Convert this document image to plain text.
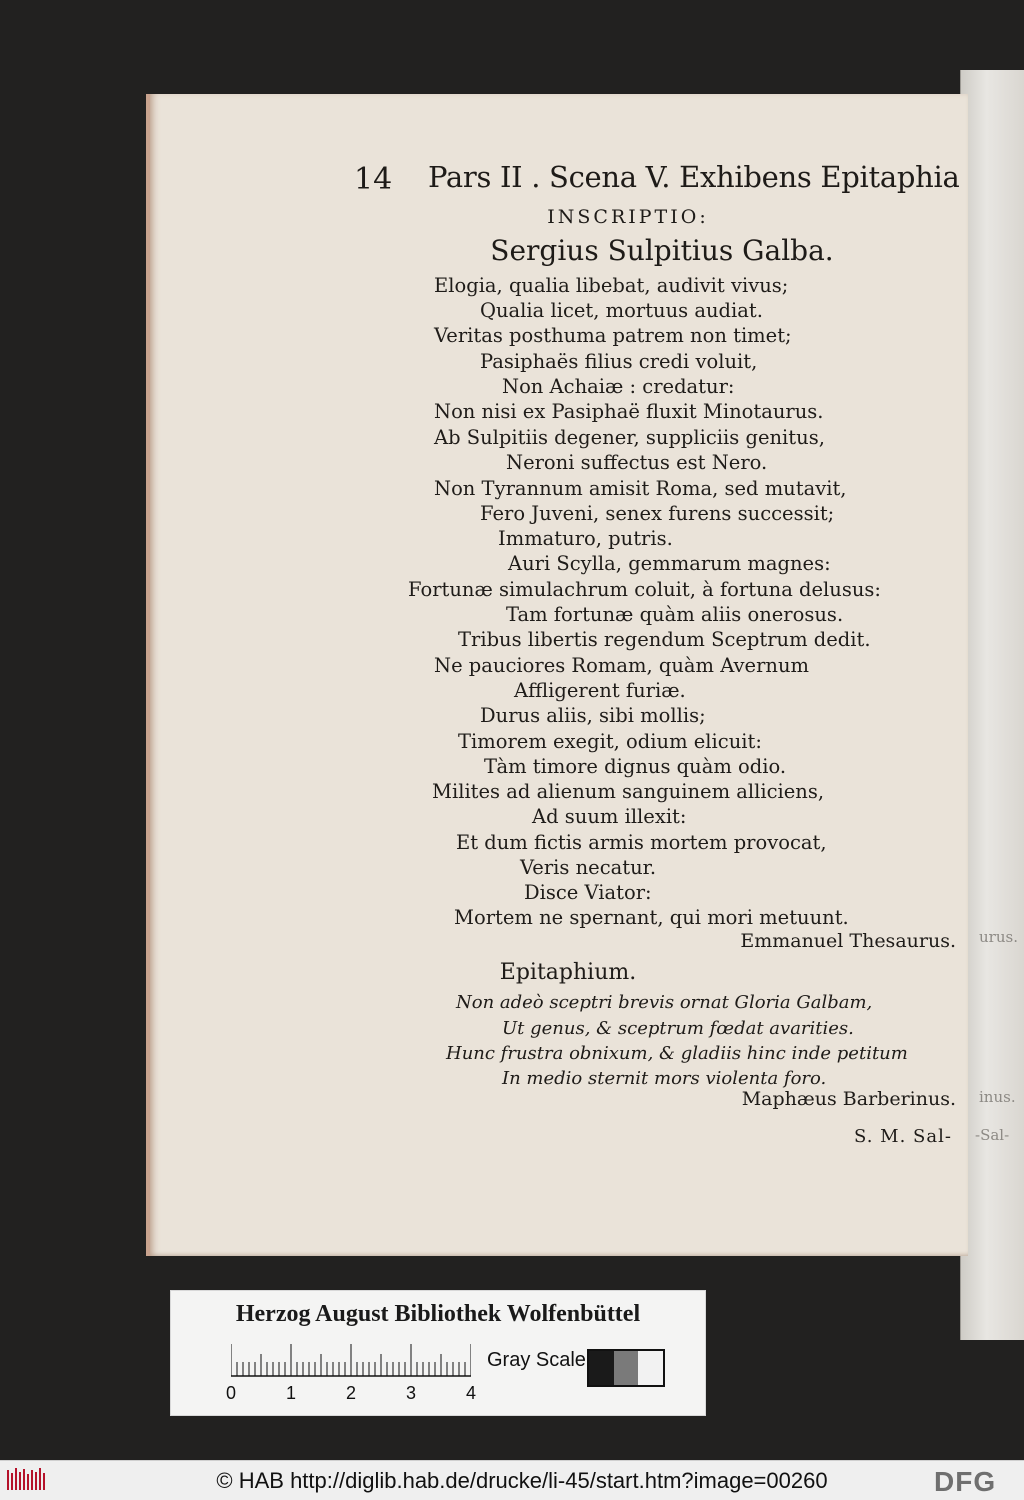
urus.
inus.
-Sal-
14 Pars II . Scena V. Exhibens Epitaphia
INSCRIPTIO:
Sergius Sulpitius Galba.
Elogia, qualia libebat, audivit vivus;
Qualia licet, mortuus audiat.
Veritas posthuma patrem non timet;
Pasiphaës filius credi voluit,
Non Achaiæ : credatur:
Non nisi ex Pasiphaë fluxit Minotaurus.
Ab Sulpitiis degener, suppliciis genitus,
Neroni suffectus est Nero.
Non Tyrannum amisit Roma, sed mutavit,
Fero Juveni, senex furens successit;
Immaturo, putris.
Auri Scylla, gemmarum magnes:
Fortunæ simulachrum coluit, à fortuna delusus:
Tam fortunæ quàm aliis onerosus.
Tribus libertis regendum Sceptrum dedit.
Ne pauciores Romam, quàm Avernum
Affligerent furiæ.
Durus aliis, sibi mollis;
Timorem exegit, odium elicuit:
Tàm timore dignus quàm odio.
Milites ad alienum sanguinem alliciens,
Ad suum illexit:
Et dum fictis armis mortem provocat,
Veris necatur.
Disce Viator:
Mortem ne spernant, qui mori metuunt.
Emmanuel Thesaurus.
Epitaphium.
Non adeò sceptri brevis ornat Gloria Galbam,
Ut genus, & sceptrum fœdat avarities.
Hunc frustra obnixum, & gladiis hinc inde petitum
In medio sternit mors violenta foro.
Maphæus Barberinus.
S. M. Sal-
Herzog August Bibliothek Wolfenbüttel
0	1	2	3	4
Gray Scale
© HAB http://diglib.hab.de/drucke/li-45/start.htm?image=00260	DFG
